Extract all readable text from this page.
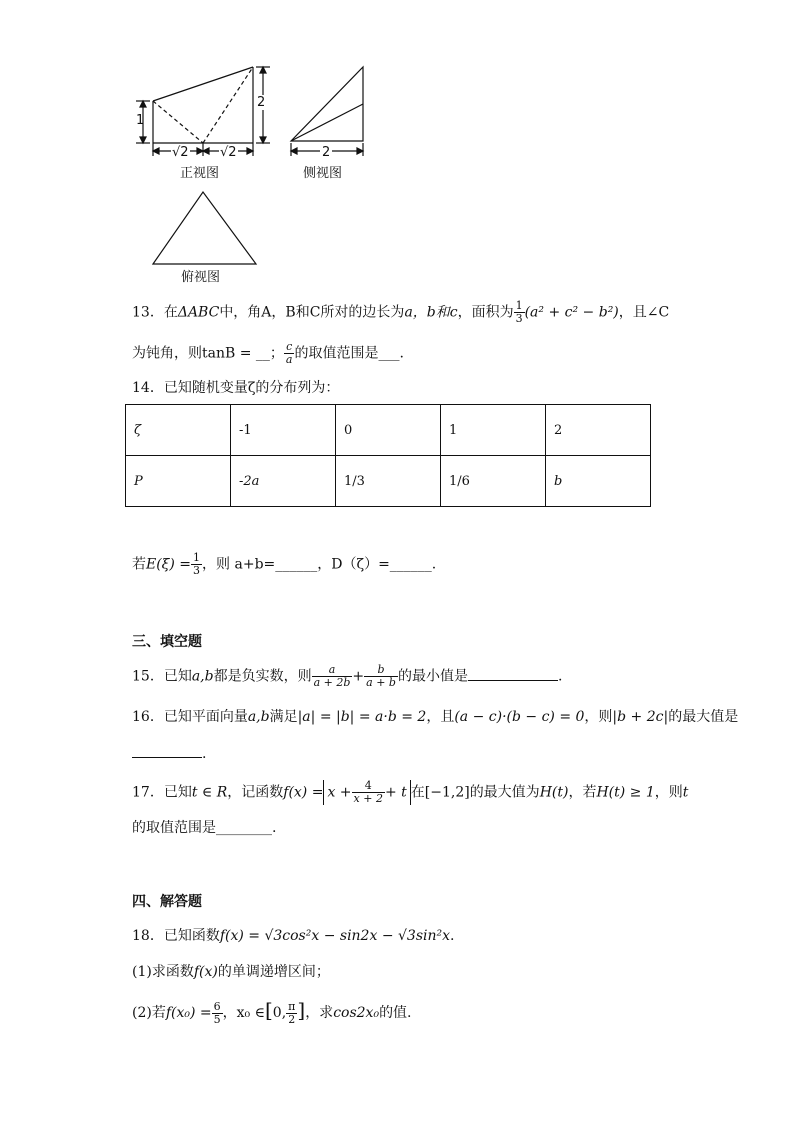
1
2
√2 √2	2
正视图	侧视图
俯视图
13．在ΔABC中，角A，B和C所对的边长为a，b和c，面积为 $\frac{1}{3} (a^2 + c^2 - b^2)$，且∠C
为钝角，则tanB = __； $\frac{c}{a}$ 的取值范围是___.
14．已知随机变量ζ的分布列为：
ζ	-1	0	1	2
P	-2a	1/3	1/6	b
若$E(\xi) = \frac{1}{3}$ ，则 a+b=______，D（ζ）=______.
三、填空题
15．已知a,b都是负实数，则 $\frac{a}{a + 2b} + \frac{b}{a + b}$ 的最小值是	.
16．已知平面向量a,b满足|a| = |b| = a·b = 2，且(a − c)·(b − c) = 0，则|b + 2c|的最大值是
.
17．已知t ∈ R，记函数$f(x) = x + \frac{4}{x + 2} + t$ 在[−1,2]的最大值为H(t)，若H(t) ≥ 1，则t
的取值范围是________.
四、解答题
18．已知函数f(x) = √3cos²x − sin2x − √3sin²x.
(1)求函数f(x)的单调递增区间；
(2)若$f(x_0) = \frac{6}{5}$ ，x₀ ∈[0, $\frac{\pi}{2}$ ]，求cos2x₀的值.
